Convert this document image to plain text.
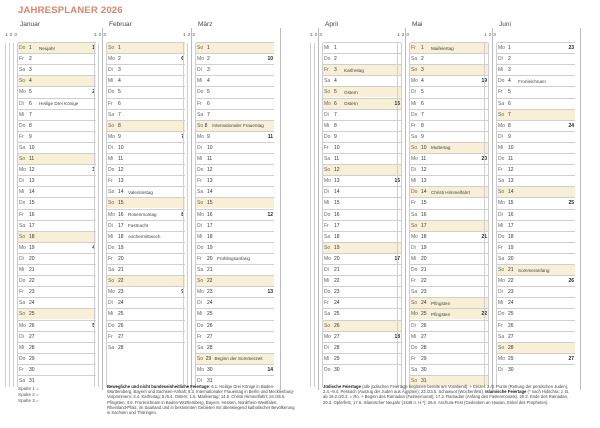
JAHRESPLANER 2026
Januar
1 2 3
Do 1	Neujahr	1
Fr	2
Sa 3
So 4
Mo 5	2
Di	6	Heilige Drei Könige
Mi 7
Do 8
Fr	9
Sa 10
So 11
Mo 12	3
Di	13
Mi 14
Do 15
Fr	16
Sa 17
So 18
Mo 19	4
Di	20
Mi 21
Do 22
Fr	23
Sa 24
So 25
Mo 26	5
Di	27
Mi 28
Do 29
Fr	30
Sa 31
Februar
1 2 3
So 1
Mo 2	6
Di	3
Mi 4
Do 5
Fr	6
Sa 7
So 8
Mo 9	7
Di	10
Mi 11
Do 12
Fr	13
Sa 14 Valentinstag
So 15
Mo 16 Rosenmontag	8
Di	17 Fastnacht
Mi 18 Aschermittwoch
Do 19
Fr	20
Sa 21
So 22
Mo 23	9
Di	24
Mi 25
Do 26
Fr	27
Sa 28
März
1 2 3
So 1
Mo 2	10
Di	3
Mi 4
Do 5
Fr	6
Sa 7
So 8	Internationaler Frauentag
Mo 9	11
Di	10
Mi 11
Do 12
Fr	13
Sa 14
So 15
Mo 16	12
Di	17
Mi 18
Do 19
Fr	20 Frühlingsanfang
Sa 21
So 22
Mo 23	13
Di	24
Mi 25
Do 26
Fr	27
Sa 28
So 29 Beginn der Sommerzeit
Mo 30	14
Di	31
April
1 2 3
Mi 1
Do 2
Fr	3	Karfreitag
Sa 4
So 5	Ostern
Mo 6	Ostern	15
Di	7
Mi 8
Do 9
Fr	10
Sa 11
So 12
Mo 13	16
Di	14
Mi 15
Do 16
Fr	17
Sa 18
So 19
Mo 20	17
Di	21
Mi 22
Do 23
Fr	24
Sa 25
So 26
Mo 27	18
Di	28
Mi 29
Do 30
Mai
1 2 3
Fr	1	Maifeiertag
Sa 2
So 3
Mo 4	19
Di	5
Mi 6
Do 7
Fr	8
Sa 9
So 10 Muttertag
Mo 11	20
Di	12
Mi 13
Do 14 Christi Himmelfahrt
Fr	15
Sa 16
So 17
Mo 18	21
Di	19
Mi 20
Do 21
Fr	22
Sa 23
So 24 Pfingsten
Mo 25 Pfingsten	22
Di	26
Mi 27
Do 28
Fr	29
Sa 30
So 31
Juni
1 2 3
Mo 1	23
Di	2
Mi 3
Do 4	Fronleichnam
Fr	5
Sa 6
So 7
Mo 8	24
Di	9
Mi 10
Do 11
Fr	12
Sa 13
So 14
Mo 15	25
Di	16
Mi 17
Do 18
Fr	19
Sa 20
So 21 Sommeranfang
Mo 22	26
Di	23
Mi 24
Do 25
Fr	26
Sa 27
So 28
Mo 29	27
Di	30
Spalte 1 =
Spalte 2 =
Spalte 3 =
Bewegliche und nicht bundeseinheitliche Feiertage: 6.1. Heilige Drei Könige in Baden-Württemberg, Bayern und Sachsen-Anhalt; 8.3. Internationaler Frauentag in Berlin und Mecklenburg-Vorpommern; 3.4. Karfreitag; 5./6.4. Ostern; 1.5. Maifeiertag; 14.5. Christi Himmelfahrt; 24./25.5. Pfingsten; 4.6. Fronleichnam in Baden-Württemberg, Bayern, Hessen, Nordrhein-Westfalen, Rheinland-Pfalz, im Saarland und in bestimmten Gebieten mit überwiegend katholischer Bevölkerung in Sachsen und Thüringen.
Jüdische Feiertage (alle jüdischen Feiertage beginnen bereits am Vorabend): + Einzel. 2./3. Purim (Rettung der persischen Juden), 2.4.–9.4. Pessach (Auszug der Juden aus Ägypten); 22./23.5. Schawuot (Wochenfest). Islamische Feiertage (* nach Hidschra; z. B. ab 19.2./20.2. = Ro. + Beginn des Ramadan (Fastenmonat); 17.2. Ramadan (Anfang des Fastenmonats), 20.3. Ende des Ramadan, 20.3. Opferfest, 17.6. Islamischer Neujahr (1448 n. H.*); 26.6. Aschura-Fest (Gedenken an Husain, Enkel des Propheten).
